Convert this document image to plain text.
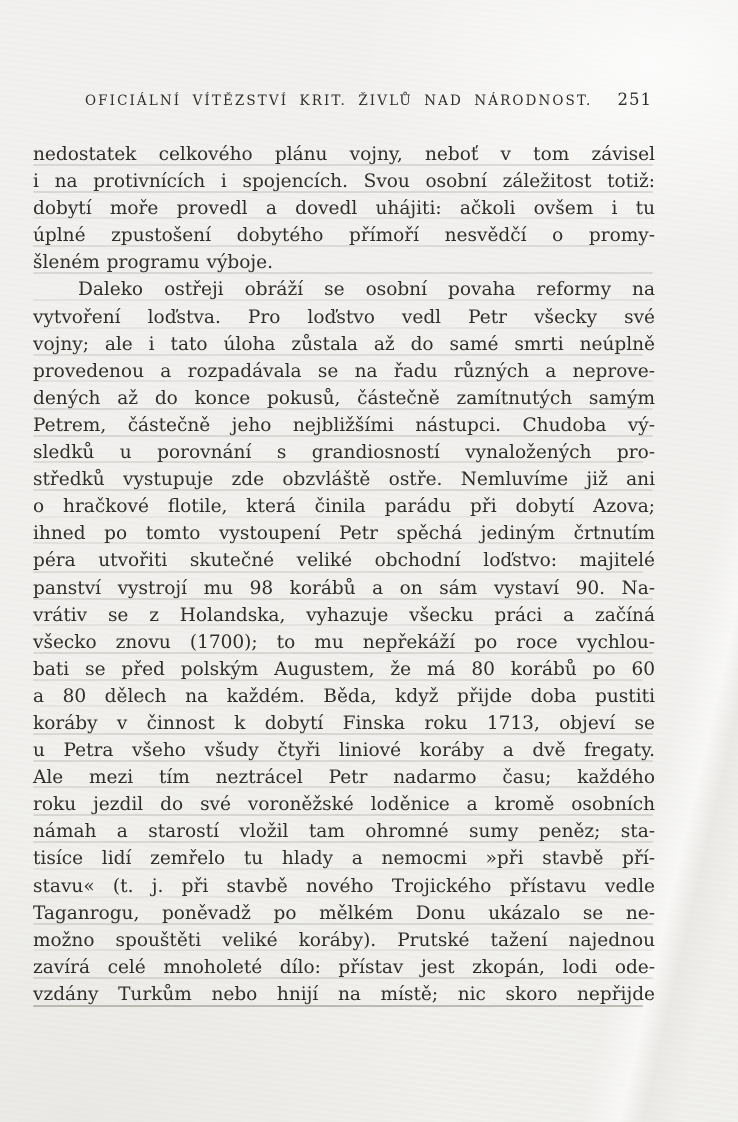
OFICIÁLNÍ VÍTĚZSTVÍ KRIT. ŽIVLŮ NAD NÁRODNOST. 251
nedostatek celkového plánu vojny, neboť v tom závisel
i na protivnících i spojencích. Svou osobní záležitost totiž:
dobytí moře provedl a dovedl uhájiti: ačkoli ovšem i tu
úplné zpustošení dobytého přímoří nesvědčí o promy-
šleném programu výboje.
Daleko ostřeji obráží se osobní povaha reformy na
vytvoření loďstva. Pro loďstvo vedl Petr všecky své
vojny; ale i tato úloha zůstala až do samé smrti neúplně
provedenou a rozpadávala se na řadu různých a neprove-
dených až do konce pokusů, částečně zamítnutých samým
Petrem, částečně jeho nejbližšími nástupci. Chudoba vý-
sledků u porovnání s grandiosností vynaložených pro-
středků vystupuje zde obzvláště ostře. Nemluvíme již ani
o hračkové flotile, která činila parádu při dobytí Azova;
ihned po tomto vystoupení Petr spěchá jediným črtnutím
péra utvořiti skutečné veliké obchodní loďstvo: majitelé
panství vystrojí mu 98 korábů a on sám vystaví 90. Na-
vrátiv se z Holandska, vyhazuje všecku práci a začíná
všecko znovu (1700); to mu nepřekáží po roce vychlou-
bati se před polským Augustem, že má 80 korábů po 60
a 80 dělech na každém. Běda, když přijde doba pustiti
koráby v činnost k dobytí Finska roku 1713, objeví se
u Petra všeho všudy čtyři liniové koráby a dvě fregaty.
Ale mezi tím neztrácel Petr nadarmo času; každého
roku jezdil do své voroněžské loděnice a kromě osobních
námah a starostí vložil tam ohromné sumy peněz; sta-
tisíce lidí zemřelo tu hlady a nemocmi »při stavbě pří-
stavu« (t. j. při stavbě nového Trojického přístavu vedle
Taganrogu, poněvadž po mělkém Donu ukázalo se ne-
možno spouštěti veliké koráby). Prutské tažení najednou
zavírá celé mnoholeté dílo: přístav jest zkopán, lodi ode-
vzdány Turkům nebo hnijí na místě; nic skoro nepřijde
